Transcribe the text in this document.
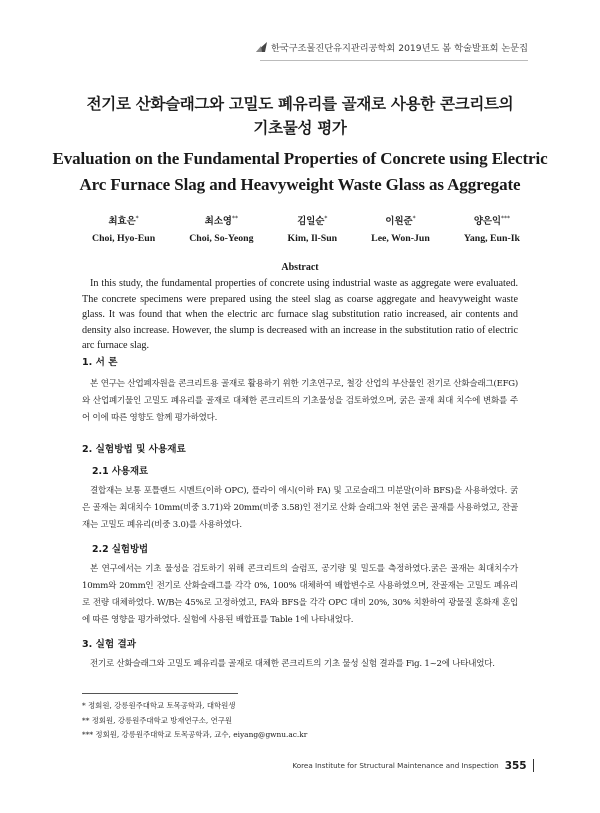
한국구조물진단유지관리공학회 2019년도 봄 학술발표회 논문집
전기로 산화슬래그와 고밀도 폐유리를 골재로 사용한 콘크리트의
기초물성 평가
Evaluation on the Fundamental Properties of Concrete using Electric
Arc Furnace Slag and Heavyweight Waste Glass as Aggregate
최효은*
Choi, Hyo-Eun
최소영**
Choi, So-Yeong
김일순*
Kim, Il-Sun
이원준*
Lee, Won-Jun
양은익***
Yang, Eun-Ik
Abstract
In this study, the fundamental properties of concrete using industrial waste as aggregate were evaluated. The concrete specimens were prepared using the steel slag as coarse aggregate and heavyweight waste glass. It was found that when the electric arc furnace slag substitution ratio increased, air contents and density also increase. However, the slump is decreased with an increase in the substitution ratio of electric arc furnace slag.
1. 서 론
본 연구는 산업폐자원을 콘크리트용 골재로 활용하기 위한 기초연구로, 철강 산업의 부산물인 전기로 산화슬래그(EFG)와 산업폐기물인 고밀도 폐유리를 골재로 대체한 콘크리트의 기초물성을 검토하였으며, 굵은 골재 최대 치수에 변화를 주어 이에 따른 영향도 함께 평가하였다.
2. 실험방법 및 사용재료
2.1 사용재료
결합재는 보통 포틀랜드 시멘트(이하 OPC), 플라이 애시(이하 FA) 및 고로슬래그 미분말(이하 BFS)을 사용하였다. 굵은 골재는 최대치수 10mm(비중 3.71)와 20mm(비중 3.58)인 전기로 산화 슬래그와 천연 굵은 골재를 사용하였고, 잔골재는 고밀도 폐유리(비중 3.0)를 사용하였다.
2.2 실험방법
본 연구에서는 기초 물성을 검토하기 위해 콘크리트의 슬럼프, 공기량 및 밀도를 측정하였다.굵은 골재는 최대치수가 10mm와 20mm인 전기로 산화슬래그를 각각 0%, 100% 대체하여 배합변수로 사용하였으며, 잔골재는 고밀도 폐유리로 전량 대체하였다. W/B는 45%로 고정하였고, FA와 BFS을 각각 OPC 대비 20%, 30% 치환하여 광물질 혼화재 혼입에 따른 영향을 평가하였다. 실험에 사용된 배합표를 Table 1에 나타내었다.
3. 실험 결과
전기로 산화슬래그와 고밀도 폐유리를 골재로 대체한 콘크리트의 기초 물성 실험 결과를 Fig. 1~2에 나타내었다.
* 정회원, 강릉원주대학교 토목공학과, 대학원생
** 정회원, 강릉원주대학교 방재연구소, 연구원
*** 정회원, 강릉원주대학교 토목공학과, 교수, eiyang@gwnu.ac.kr
Korea Institute for Structural Maintenance and Inspection 355
